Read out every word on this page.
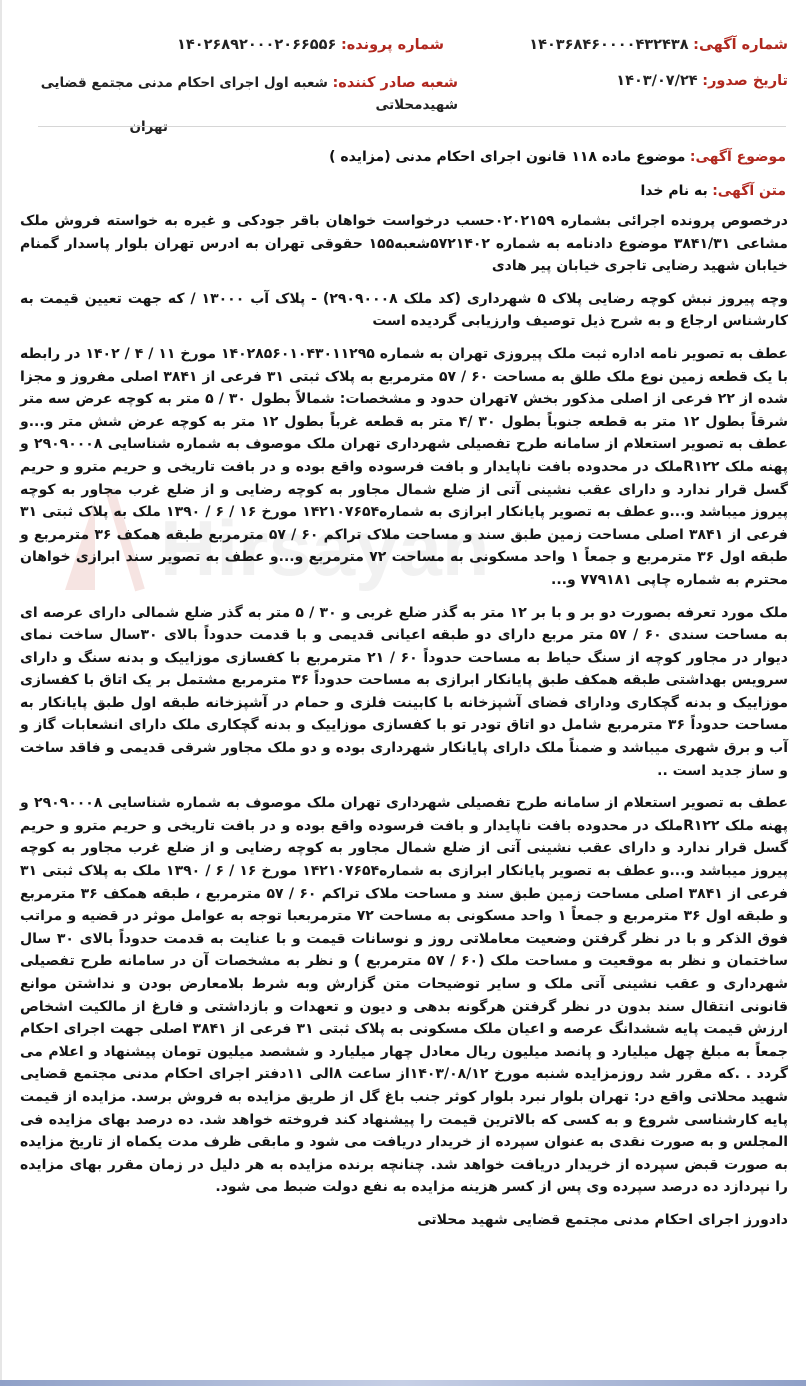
شماره آگهی: ۱۴۰۳۶۸۴۶۰۰۰۰۴۳۲۴۳۸
شماره پرونده: ۱۴۰۲۶۸۹۲۰۰۰۲۰۶۶۵۵۶
تاریخ صدور: ۱۴۰۳/۰۷/۲۴
شعبه صادر کننده: شعبه اول اجرای احکام مدنی مجتمع قضایی شهیدمحلاتی
تهران
موضوع آگهی: موضوع ماده ۱۱۸ قانون اجرای احکام مدنی (مزایده )
متن آگهی: به نام خدا
Hirsayan

درخصوص پرونده اجرائی بشماره ۰۲۰۲۱۵۹حسب درخواست خواهان باقر جودکی و غیره به خواسته فروش ملک مشاعی ۳۸۴۱/۳۱ موضوع دادنامه به شماره ۵۷۲۱۴۰۲شعبه۱۵۵ حقوقی تهران به ادرس تهران بلوار پاسدار گمنام خیابان شهید رضایی تاجری خیابان پیر هادی

وچه پیروز نبش کوچه رضایی پلاک ۵ شهرداری (کد ملک ۲۹۰۹۰۰۰۸) - پلاک آب ۱۳۰۰۰ / که جهت تعیین قیمت به کارشناس ارجاع و به شرح ذیل توصیف وارزیابی گردیده است

عطف به تصویر نامه اداره ثبت ملک پیروزی تهران به شماره ۱۴۰۲۸۵۶۰۱۰۴۳۰۱۱۲۹۵ مورخ ۱۱ / ۴ / ۱۴۰۲ در رابطه با یک قطعه زمین نوع ملک طلق به مساحت ۶۰ / ۵۷ مترمربع به پلاک ثبتی ۳۱ فرعی از ۳۸۴۱ اصلی مفروز و مجزا شده از ۲۲ فرعی از اصلی مذکور بخش ۷تهران حدود و مشخصات: شمالاً بطول ۳۰ / ۵ متر به کوچه عرض سه متر شرقاً بطول ۱۲ متر به قطعه جنوباً بطول ۳۰ /۴ متر به قطعه غرباً بطول ۱۲ متر به کوچه عرض شش متر و...و عطف به تصویر استعلام از سامانه طرح تفصیلی شهرداری تهران ملک موصوف به شماره شناسایی ۲۹۰۹۰۰۰۸ و پهنه ملک R۱۲۲ملک در محدوده بافت ناپایدار و بافت فرسوده واقع بوده و در بافت تاریخی و حریم مترو و حریم گسل قرار ندارد و دارای عقب نشینی آتی از ضلع شمال مجاور به کوچه رضایی و از ضلع غرب مجاور به کوچه پیروز میباشد و...و عطف به تصویر پایانکار ابرازی به شماره۱۴۲۱۰۷۶۵۴ مورخ ۱۶ / ۶ / ۱۳۹۰ ملک به پلاک ثبتی ۳۱ فرعی از ۳۸۴۱ اصلی مساحت زمین طبق سند و مساحت ملاک تراکم ۶۰ / ۵۷ مترمربع طبقه همکف ۳۶ مترمربع و طبقه اول ۳۶ مترمربع و جمعاً ۱ واحد مسکونی به مساحت ۷۲ مترمربع و...و عطف به تصویر سند ابرازی خواهان محترم به شماره چاپی ۷۷۹۱۸۱ و...

ملک مورد تعرفه بصورت دو بر و با بر ۱۲ متر به گذر ضلع غربی و ۳۰ / ۵ متر به گذر ضلع شمالی دارای عرصه ای به مساحت سندی ۶۰ / ۵۷ متر مربع دارای دو طبقه اعیانی قدیمی و با قدمت حدوداً بالای ۳۰سال ساخت نمای دیوار در مجاور کوچه از سنگ حیاط به مساحت حدوداً ۶۰ / ۲۱ مترمربع با کفسازی موزاییک و بدنه سنگ و دارای سرویس بهداشتی طبقه همکف طبق پایانکار ابرازی به مساحت حدوداً ۳۶ مترمربع مشتمل بر یک اتاق با کفسازی موزاییک و بدنه گچکاری ودارای فضای آشپزخانه با کابینت فلزی و حمام در آشپزخانه طبقه اول طبق پایانکار به مساحت حدوداً ۳۶ مترمربع شامل دو اتاق تودر تو با کفسازی موزاییک و بدنه گچکاری ملک دارای انشعابات گاز و آب و برق شهری میباشد و ضمناً ملک دارای پایانکار شهرداری بوده و دو ملک مجاور شرقی قدیمی و فاقد ساخت و ساز جدید است ..

عطف به تصویر استعلام از سامانه طرح تفصیلی شهرداری تهران ملک موصوف به شماره شناسایی ۲۹۰۹۰۰۰۸ و پهنه ملک R۱۲۲ملک در محدوده بافت ناپایدار و بافت فرسوده واقع بوده و در بافت تاریخی و حریم مترو و حریم گسل قرار ندارد و دارای عقب نشینی آتی از ضلع شمال مجاور به کوچه رضایی و از ضلع غرب مجاور به کوچه پیروز میباشد و...و عطف به تصویر پایانکار ابرازی به شماره۱۴۲۱۰۷۶۵۴ مورخ ۱۶ / ۶ / ۱۳۹۰ ملک به پلاک ثبتی ۳۱ فرعی از ۳۸۴۱ اصلی مساحت زمین طبق سند و مساحت ملاک تراکم ۶۰ / ۵۷ مترمربع ، طبقه همکف ۳۶ مترمربع و طبقه اول ۳۶ مترمربع و جمعاً ۱ واحد مسکونی به مساحت ۷۲ مترمربعبا توجه به عوامل موثر در قضیه و مراتب فوق الذکر و با در نظر گرفتن وضعیت معاملاتی روز و نوسانات قیمت و با عنایت به قدمت حدوداً بالای ۳۰ سال ساختمان و نظر به موقعیت و مساحت ملک (۶۰ / ۵۷ مترمربع ) و نظر به مشخصات آن در سامانه طرح تفصیلی شهرداری و عقب نشینی آتی ملک و سایر توضیحات متن گزارش وبه شرط بلامعارض بودن و نداشتن موانع قانونی انتقال سند بدون در نظر گرفتن هرگونه بدهی و دیون و تعهدات و بازداشتی و فارغ از مالکیت اشخاص ارزش قیمت پایه ششدانگ عرصه و اعیان ملک مسکونی به پلاک ثبتی ۳۱ فرعی از ۳۸۴۱ اصلی جهت اجرای احکام جمعاً به مبلغ چهل میلیارد و پانصد میلیون ریال معادل چهار میلیارد و ششصد میلیون تومان پیشنهاد و اعلام می گردد . .که مقرر شد روزمزایده شنبه مورخ ۱۴۰۳/۰۸/۱۲از ساعت ۸الی ۱۱دفتر اجرای احکام مدنی مجتمع قضایی شهید محلاتی واقع در: تهران بلوار نبرد بلوار کوثر جنب باغ گل از طریق مزایده به فروش برسد. مزایده از قیمت پایه کارشناسی شروع و به کسی که بالاترین قیمت را پیشنهاد کند فروخته خواهد شد. ده درصد بهای مزایده فی المجلس و به صورت نقدی به عنوان سپرده از خریدار دریافت می شود و مابقی ظرف مدت یکماه از تاریخ مزایده به صورت قبض سپرده از خریدار دریافت خواهد شد. چنانچه برنده مزایده به هر دلیل در زمان مقرر بهای مزایده را نپردازد ده درصد سپرده وی پس از کسر هزینه مزایده به نفع دولت ضبط می شود.

دادورز اجرای احکام مدنی مجتمع قضایی شهید محلاتی
